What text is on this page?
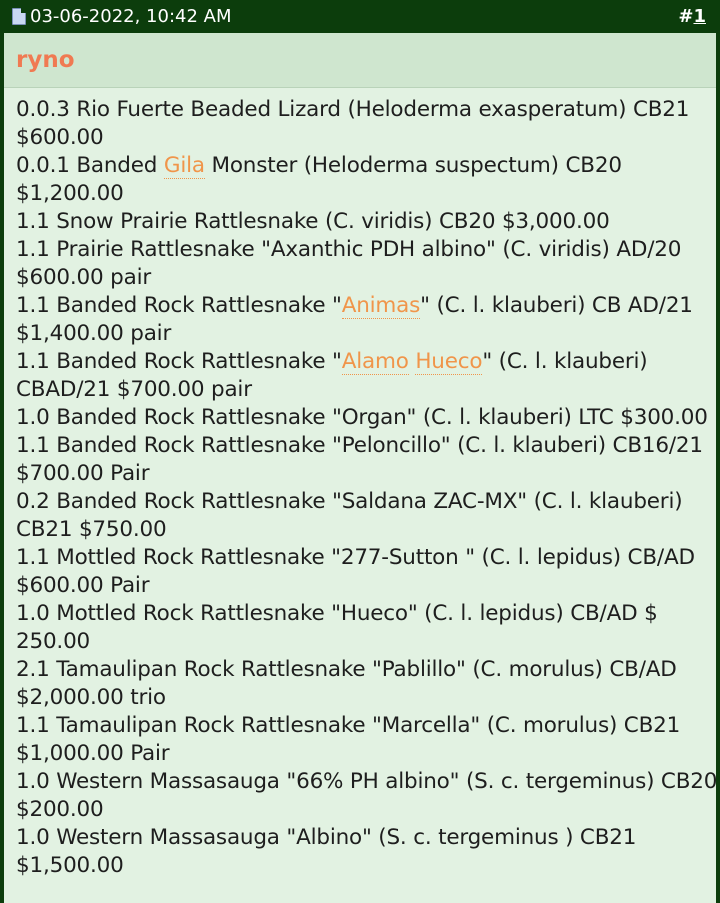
03-06-2022, 10:42 AM	#1
ryno
0.0.3 Rio Fuerte Beaded Lizard (Heloderma exasperatum) CB21
$600.00
0.0.1 Banded Gila Monster (Heloderma suspectum) CB20
$1,200.00
1.1 Snow Prairie Rattlesnake (C. viridis) CB20 $3,000.00
1.1 Prairie Rattlesnake "Axanthic PDH albino" (C. viridis) AD/20
$600.00 pair
1.1 Banded Rock Rattlesnake "Animas" (C. l. klauberi) CB AD/21
$1,400.00 pair
1.1 Banded Rock Rattlesnake "Alamo Hueco" (C. l. klauberi)
CBAD/21 $700.00 pair
1.0 Banded Rock Rattlesnake "Organ" (C. l. klauberi) LTC $300.00
1.1 Banded Rock Rattlesnake "Peloncillo" (C. l. klauberi) CB16/21
$700.00 Pair
0.2 Banded Rock Rattlesnake "Saldana ZAC-MX" (C. l. klauberi)
CB21 $750.00
1.1 Mottled Rock Rattlesnake "277-Sutton " (C. l. lepidus) CB/AD
$600.00 Pair
1.0 Mottled Rock Rattlesnake "Hueco" (C. l. lepidus) CB/AD $
250.00
2.1 Tamaulipan Rock Rattlesnake "Pablillo" (C. morulus) CB/AD
$2,000.00 trio
1.1 Tamaulipan Rock Rattlesnake "Marcella" (C. morulus) CB21
$1,000.00 Pair
1.0 Western Massasauga "66% PH albino" (S. c. tergeminus) CB20
$200.00
1.0 Western Massasauga "Albino" (S. c. tergeminus ) CB21
$1,500.00
